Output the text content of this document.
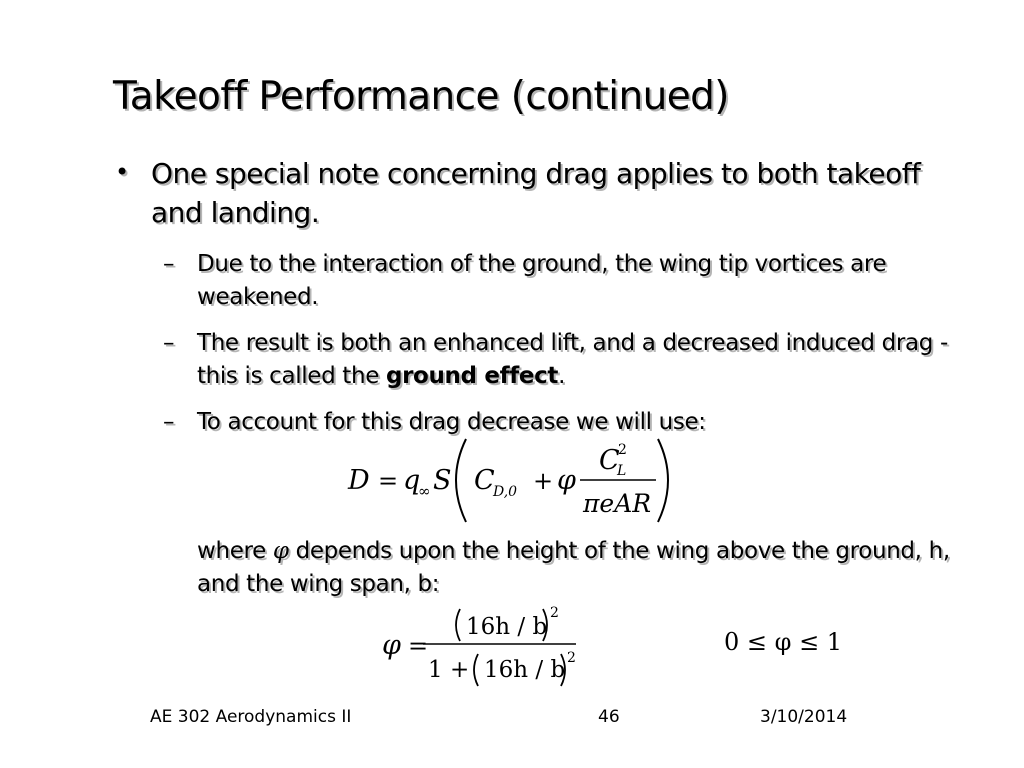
Takeoff Performance (continued)
• One special note concerning drag applies to both takeoff and landing.
– Due to the interaction of the ground, the wing tip vortices are weakened.
– The result is both an enhanced lift, and a decreased induced drag - this is called the ground effect.
– To account for this drag decrease we will use:
D = q
∞ S C
D,0 + φ
C
2
L
πeAR
where φ depends upon the height of the wing above the ground, h, and the wing span, b:
φ =
16h / b
2
1 + 16h / b 2
0 ≤ φ ≤ 1
AE 302 Aerodynamics II	46	3/10/2014
